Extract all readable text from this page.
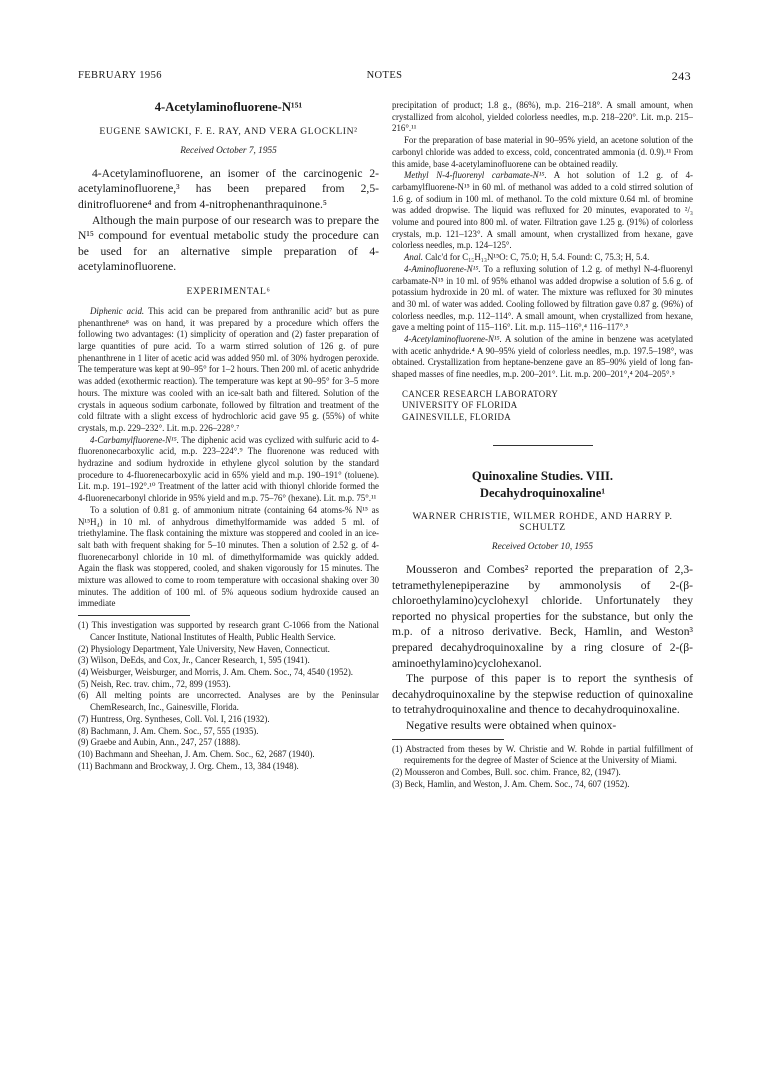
FEBRUARY 1956	NOTES	243
4-Acetylaminofluorene-N¹⁵¹
EUGENE SAWICKI, F. E. RAY, AND VERA GLOCKLIN²
Received October 7, 1955

4-Acetylaminofluorene, an isomer of the carcinogenic 2-acetylaminofluorene,³ has been prepared from 2,5-dinitrofluorene⁴ and from 4-nitrophenanthraquinone.⁵

Although the main purpose of our research was to prepare the N¹⁵ compound for eventual metabolic study the procedure can be used for an alternative simple preparation of 4-acetylaminofluorene.

EXPERIMENTAL⁶

Diphenic acid. This acid can be prepared from anthranilic acid⁷ but as pure phenanthrene⁸ was on hand, it was prepared by a procedure which offers the following two advantages: (1) simplicity of operation and (2) faster preparation of large quantities of pure acid. To a warm stirred solution of 126 g. of pure phenanthrene in 1 liter of acetic acid was added 950 ml. of 30% hydrogen peroxide. The temperature was kept at 90–95° for 1–2 hours. Then 200 ml. of acetic anhydride was added (exothermic reaction). The temperature was kept at 90–95° for 3–5 more hours. The mixture was cooled with an ice-salt bath and filtered. Solution of the crystals in aqueous sodium carbonate, followed by filtration and treatment of the cold filtrate with a slight excess of hydrochloric acid gave 95 g. (55%) of white crystals, m.p. 229–232°. Lit. m.p. 226–228°.⁷

4-Carbamylfluorene-N¹⁵. The diphenic acid was cyclized with sulfuric acid to 4-fluorenonecarboxylic acid, m.p. 223–224°.⁹ The fluorenone was reduced with hydrazine and sodium hydroxide in ethylene glycol solution by the standard procedure to 4-fluorenecarboxylic acid in 65% yield and m.p. 190–191° (toluene). Lit. m.p. 191–192°.¹⁰ Treatment of the latter acid with thionyl chloride formed the 4-fluorenecarbonyl chloride in 95% yield and m.p. 75–76° (hexane). Lit. m.p. 75°.¹¹

To a solution of 0.81 g. of ammonium nitrate (containing 64 atoms-% N¹⁵ as N¹⁵H₄) in 10 ml. of anhydrous dimethylformamide was added 5 ml. of triethylamine. The flask containing the mixture was stoppered and cooled in an ice-salt bath with frequent shaking for 5–10 minutes. Then a solution of 2.52 g. of 4-fluorenecarbonyl chloride in 10 ml. of dimethylformamide was quickly added. Again the flask was stoppered, cooled, and shaken vigorously for 15 minutes. The mixture was allowed to come to room temperature with occasional shaking over 30 minutes. The addition of 100 ml. of 5% aqueous sodium hydroxide caused an immediate

(1) This investigation was supported by research grant C-1066 from the National Cancer Institute, National Institutes of Health, Public Health Service.

(2) Physiology Department, Yale University, New Haven, Connecticut.

(3) Wilson, DeEds, and Cox, Jr., Cancer Research, 1, 595 (1941).

(4) Weisburger, Weisburger, and Morris, J. Am. Chem. Soc., 74, 4540 (1952).

(5) Neish, Rec. trav. chim., 72, 899 (1953).

(6) All melting points are uncorrected. Analyses are by the Peninsular ChemResearch, Inc., Gainesville, Florida.

(7) Huntress, Org. Syntheses, Coll. Vol. I, 216 (1932).

(8) Bachmann, J. Am. Chem. Soc., 57, 555 (1935).

(9) Graebe and Aubin, Ann., 247, 257 (1888).

(10) Bachmann and Sheehan, J. Am. Chem. Soc., 62, 2687 (1940).

(11) Bachmann and Brockway, J. Org. Chem., 13, 384 (1948).

precipitation of product; 1.8 g., (86%), m.p. 216–218°. A small amount, when crystallized from alcohol, yielded colorless needles, m.p. 218–220°. Lit. m.p. 215–216°.¹¹

For the preparation of base material in 90–95% yield, an acetone solution of the carbonyl chloride was added to excess, cold, concentrated ammonia (d. 0.9).¹¹ From this amide, base 4-acetylaminofluorene can be obtained readily.

Methyl N-4-fluorenyl carbamate-N¹⁵. A hot solution of 1.2 g. of 4-carbamylfluorene-N¹⁵ in 60 ml. of methanol was added to a cold stirred solution of 1.6 g. of sodium in 100 ml. of methanol. To the cold mixture 0.64 ml. of bromine was added dropwise. The liquid was refluxed for 20 minutes, evaporated to ²/₃ volume and poured into 800 ml. of water. Filtration gave 1.25 g. (91%) of colorless crystals, m.p. 121–123°. A small amount, when crystallized from hexane, gave colorless needles, m.p. 124–125°.

Anal. Calc'd for C₁₅H₁₃N¹⁵O: C, 75.0; H, 5.4. Found: C, 75.3; H, 5.4.

4-Aminofluorene-N¹⁵. To a refluxing solution of 1.2 g. of methyl N-4-fluorenyl carbamate-N¹⁵ in 10 ml. of 95% ethanol was added dropwise a solution of 5.6 g. of potassium hydroxide in 20 ml. of water. The mixture was refluxed for 30 minutes and 30 ml. of water was added. Cooling followed by filtration gave 0.87 g. (96%) of colorless needles, m.p. 112–114°. A small amount, when crystallized from hexane, gave a melting point of 115–116°. Lit. m.p. 115–116°,⁴ 116–117°.⁵

4-Acetylaminofluorene-N¹⁵. A solution of the amine in benzene was acetylated with acetic anhydride.⁴ A 90–95% yield of colorless needles, m.p. 197.5–198°, was obtained. Crystallization from heptane-benzene gave an 85–90% yield of long fan-shaped masses of fine needles, m.p. 200–201°. Lit. m.p. 200–201°,⁴ 204–205°.⁵

CANCER RESEARCH LABORATORY
UNIVERSITY OF FLORIDA
GAINESVILLE, FLORIDA
Quinoxaline Studies. VIII.
Decahydroquinoxaline¹
WARNER CHRISTIE, WILMER ROHDE, AND HARRY P. SCHULTZ
Received October 10, 1955

Mousseron and Combes² reported the preparation of 2,3-tetramethylenepiperazine by ammonolysis of 2-(β-chloroethylamino)cyclohexyl chloride. Unfortunately they reported no physical properties for the substance, but only the m.p. of a nitroso derivative. Beck, Hamlin, and Weston³ prepared decahydroquinoxaline by a ring closure of 2-(β-aminoethylamino)cyclohexanol.

The purpose of this paper is to report the synthesis of decahydroquinoxaline by the stepwise reduction of quinoxaline to tetrahydroquinoxaline and thence to decahydroquinoxaline.

Negative results were obtained when quinox-

(1) Abstracted from theses by W. Christie and W. Rohde in partial fulfillment of requirements for the degree of Master of Science at the University of Miami.

(2) Mousseron and Combes, Bull. soc. chim. France, 82, (1947).

(3) Beck, Hamlin, and Weston, J. Am. Chem. Soc., 74, 607 (1952).
